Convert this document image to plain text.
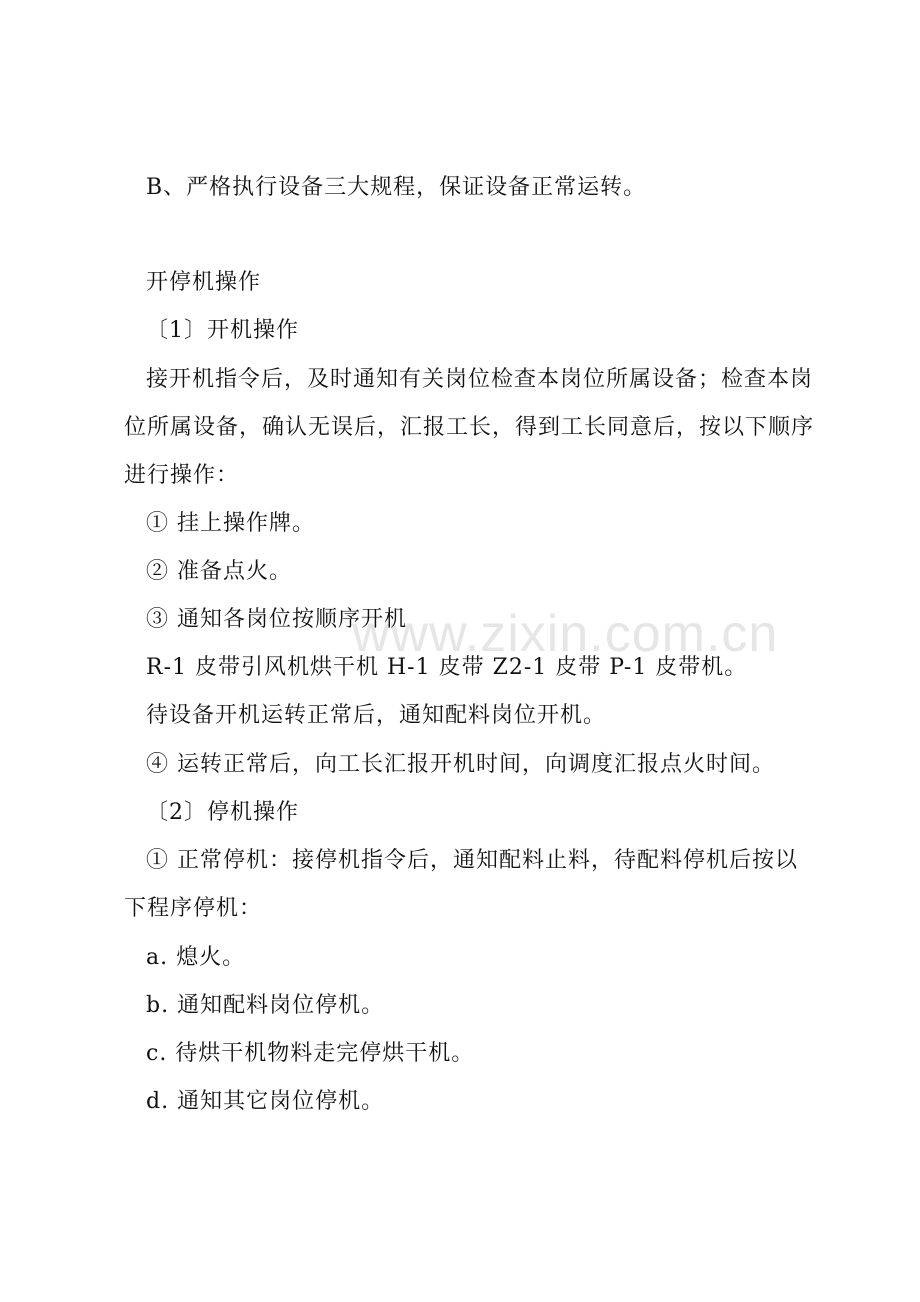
www.zixin.com.cn
B、严格执行设备三大规程，保证设备正常运转。
开停机操作
〔1〕开机操作
接开机指令后，及时通知有关岗位检查本岗位所属设备；检查本岗
位所属设备，确认无误后，汇报工长，得到工长同意后，按以下顺序
进行操作：
① 挂上操作牌。
② 准备点火。
③ 通知各岗位按顺序开机
R-1 皮带引风机烘干机 H-1 皮带 Z2-1 皮带 P-1 皮带机。
待设备开机运转正常后，通知配料岗位开机。
④ 运转正常后，向工长汇报开机时间，向调度汇报点火时间。
〔2〕停机操作
① 正常停机：接停机指令后，通知配料止料，待配料停机后按以
下程序停机：
a. 熄火。
b. 通知配料岗位停机。
c. 待烘干机物料走完停烘干机。
d. 通知其它岗位停机。
